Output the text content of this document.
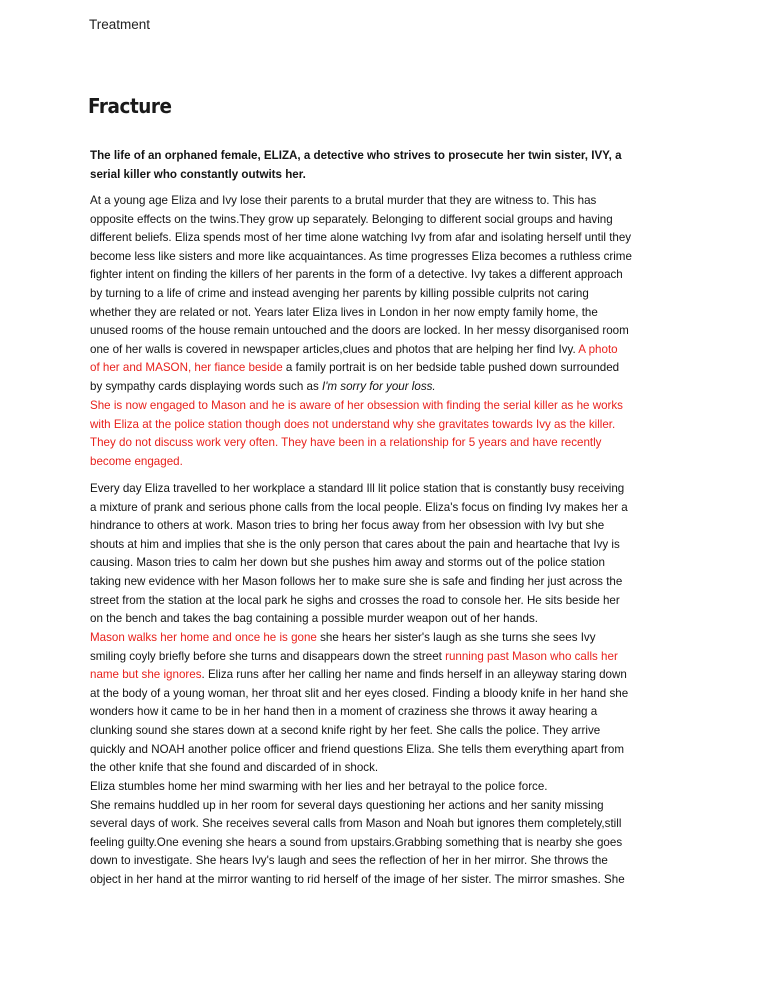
Treatment
Fracture
The life of an orphaned female, ELIZA, a detective who strives to prosecute her twin sister, IVY, a
serial killer who constantly outwits her.
At a young age Eliza and Ivy lose their parents to a brutal murder that they are witness to. This has
opposite effects on the twins.They grow up separately. Belonging to different social groups and having
different beliefs. Eliza spends most of her time alone watching Ivy from afar and isolating herself until they
become less like sisters and more like acquaintances. As time progresses Eliza becomes a ruthless crime
fighter intent on finding the killers of her parents in the form of a detective. Ivy takes a different approach
by turning to a life of crime and instead avenging her parents by killing possible culprits not caring
whether they are related or not. Years later Eliza lives in London in her now empty family home, the
unused rooms of the house remain untouched and the doors are locked. In her messy disorganised room
one of her walls is covered in newspaper articles,clues and photos that are helping her find Ivy. A photo
of her and MASON, her fiance beside a family portrait is on her bedside table pushed down surrounded
by sympathy cards displaying words such as I'm sorry for your loss.
She is now engaged to Mason and he is aware of her obsession with finding the serial killer as he works
with Eliza at the police station though does not understand why she gravitates towards Ivy as the killer.
They do not discuss work very often. They have been in a relationship for 5 years and have recently
become engaged.
Every day Eliza travelled to her workplace a standard Ill lit police station that is constantly busy receiving
a mixture of prank and serious phone calls from the local people. Eliza's focus on finding Ivy makes her a
hindrance to others at work. Mason tries to bring her focus away from her obsession with Ivy but she
shouts at him and implies that she is the only person that cares about the pain and heartache that Ivy is
causing. Mason tries to calm her down but she pushes him away and storms out of the police station
taking new evidence with her Mason follows her to make sure she is safe and finding her just across the
street from the station at the local park he sighs and crosses the road to console her. He sits beside her
on the bench and takes the bag containing a possible murder weapon out of her hands.
Mason walks her home and once he is gone she hears her sister's laugh as she turns she sees Ivy
smiling coyly briefly before she turns and disappears down the street running past Mason who calls her
name but she ignores. Eliza runs after her calling her name and finds herself in an alleyway staring down
at the body of a young woman, her throat slit and her eyes closed. Finding a bloody knife in her hand she
wonders how it came to be in her hand then in a moment of craziness she throws it away hearing a
clunking sound she stares down at a second knife right by her feet. She calls the police. They arrive
quickly and NOAH another police officer and friend questions Eliza. She tells them everything apart from
the other knife that she found and discarded of in shock.
Eliza stumbles home her mind swarming with her lies and her betrayal to the police force.
She remains huddled up in her room for several days questioning her actions and her sanity missing
several days of work. She receives several calls from Mason and Noah but ignores them completely,still
feeling guilty.One evening she hears a sound from upstairs.Grabbing something that is nearby she goes
down to investigate. She hears Ivy's laugh and sees the reflection of her in her mirror. She throws the
object in her hand at the mirror wanting to rid herself of the image of her sister. The mirror smashes. She
